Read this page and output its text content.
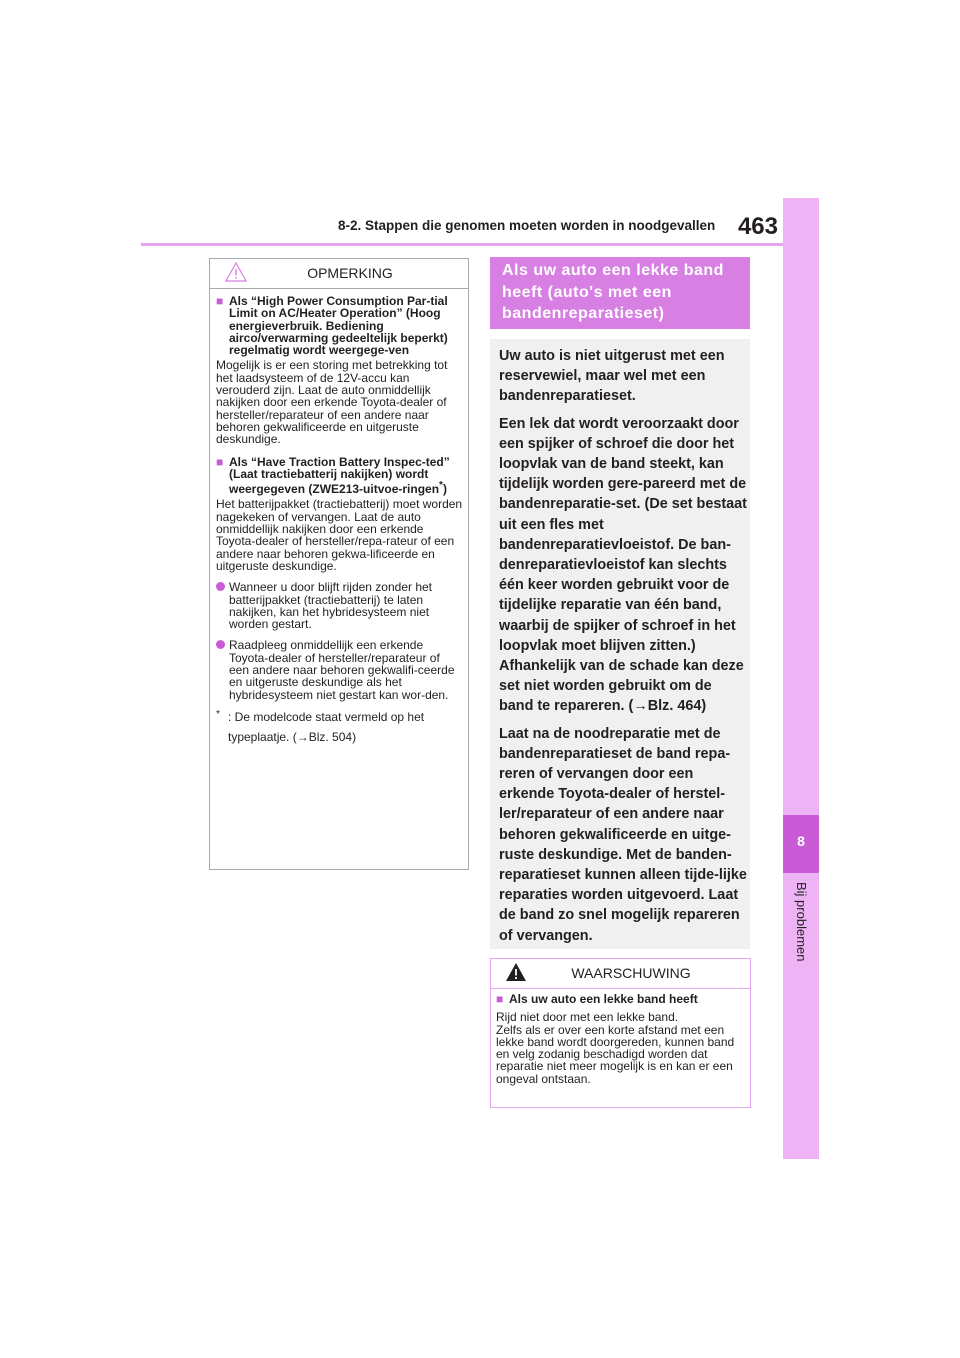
8-2. Stappen die genomen moeten worden in noodgevallen 463
8
Bij problemen
OPMERKING
■ Als “High Power Consumption Par-tial Limit on AC/Heater Operation” (Hoog energieverbruik. Bediening airco/verwarming gedeeltelijk beperkt) regelmatig wordt weergege-ven
Mogelijk is er een storing met betrekking tot het laadsysteem of de 12V-accu kan verouderd zijn. Laat de auto onmiddellijk nakijken door een erkende Toyota-dealer of hersteller/reparateur of een andere naar behoren gekwalificeerde en uitgeruste deskundige.
■ Als “Have Traction Battery Inspec-ted” (Laat tractiebatterij nakijken) wordt weergegeven (ZWE213-uitvoe-ringen*)
Het batterijpakket (tractiebatterij) moet worden nagekeken of vervangen. Laat de auto onmiddellijk nakijken door een erkende Toyota-dealer of hersteller/repa-rateur of een andere naar behoren gekwa-lificeerde en uitgeruste deskundige.
Wanneer u door blijft rijden zonder het batterijpakket (tractiebatterij) te laten nakijken, kan het hybridesysteem niet worden gestart.
Raadpleeg onmiddellijk een erkende Toyota-dealer of hersteller/reparateur of een andere naar behoren gekwalifi-ceerde en uitgeruste deskundige als het hybridesysteem niet gestart kan wor-den.
* : De modelcode staat vermeld op het typeplaatje. (→Blz. 504)
Als uw auto een lekke band heeft (auto's met een bandenreparatieset)
Uw auto is niet uitgerust met een reservewiel, maar wel met een bandenreparatieset.
Een lek dat wordt veroorzaakt door een spijker of schroef die door het loopvlak van de band steekt, kan tijdelijk worden gere-pareerd met de bandenreparatie-set. (De set bestaat uit een fles met bandenreparatievloeistof. De ban-denreparatievloeistof kan slechts één keer worden gebruikt voor de tijdelijke reparatie van één band, waarbij de spijker of schroef in het loopvlak moet blijven zitten.) Afhankelijk van de schade kan deze set niet worden gebruikt om de band te repareren. (→Blz. 464)
Laat na de noodreparatie met de bandenreparatieset de band repa-reren of vervangen door een erkende Toyota-dealer of herstel-ler/reparateur of een andere naar behoren gekwalificeerde en uitge-ruste deskundige. Met de banden-reparatieset kunnen alleen tijde-lijke reparaties worden uitgevoerd. Laat de band zo snel mogelijk repareren of vervangen.
WAARSCHUWING
■ Als uw auto een lekke band heeft
Rijd niet door met een lekke band.
Zelfs als er over een korte afstand met een lekke band wordt doorgereden, kunnen band en velg zodanig beschadigd worden dat reparatie niet meer mogelijk is en kan er een ongeval ontstaan.
